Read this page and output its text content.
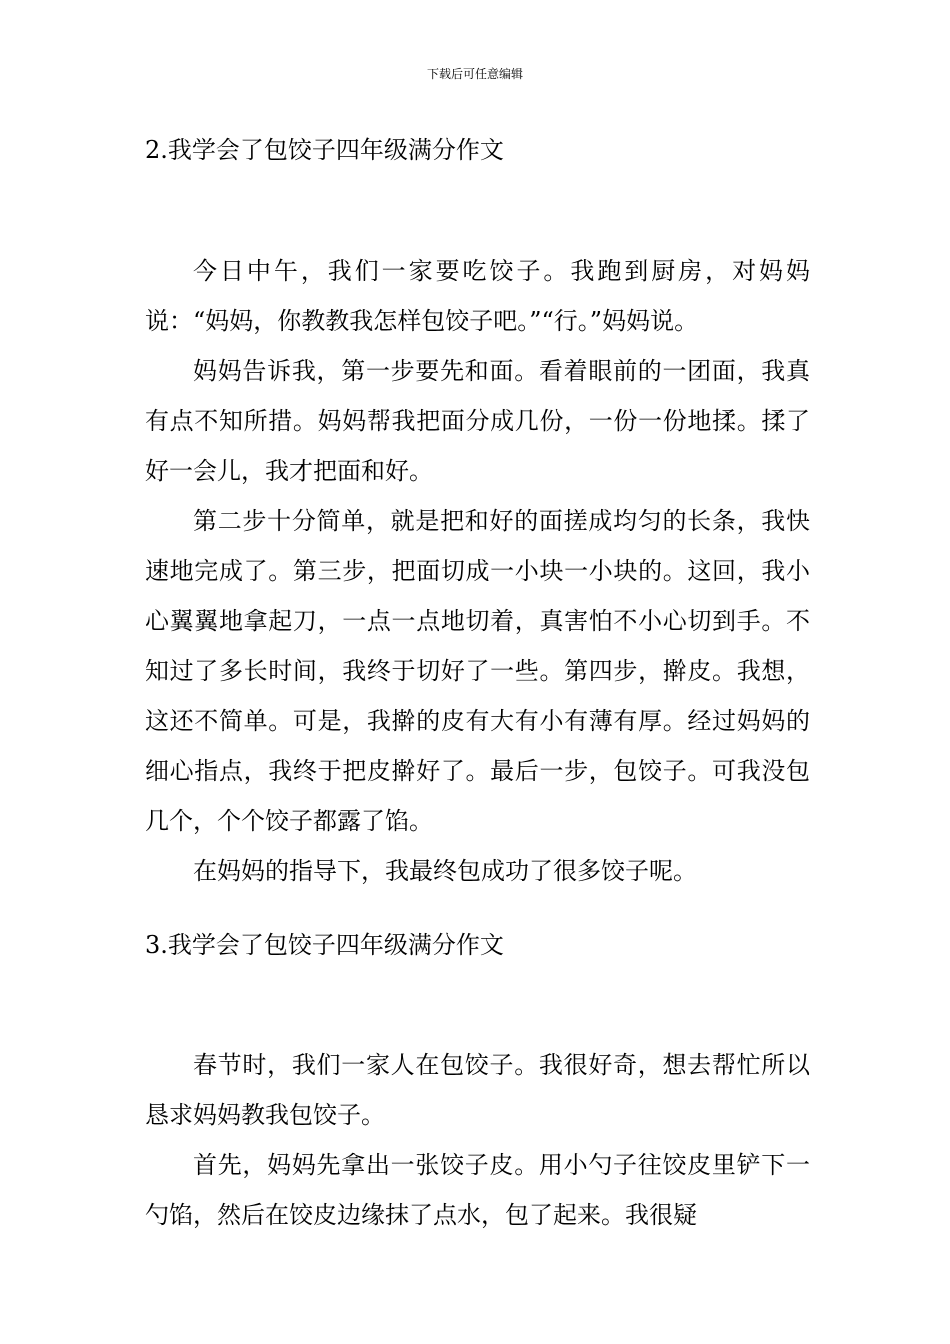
下载后可任意编辑
2.我学会了包饺子四年级满分作文

今日中午，我们一家要吃饺子。我跑到厨房，对妈妈说：“妈妈，你教教我怎样包饺子吧。”“行。”妈妈说。

妈妈告诉我，第一步要先和面。看着眼前的一团面，我真有点不知所措。妈妈帮我把面分成几份，一份一份地揉。揉了好一会儿，我才把面和好。

第二步十分简单，就是把和好的面搓成均匀的长条，我快速地完成了。第三步，把面切成一小块一小块的。这回，我小心翼翼地拿起刀，一点一点地切着，真害怕不小心切到手。不知过了多长时间，我终于切好了一些。第四步，擀皮。我想，这还不简单。可是，我擀的皮有大有小有薄有厚。经过妈妈的细心指点，我终于把皮擀好了。最后一步，包饺子。可我没包几个，个个饺子都露了馅。

在妈妈的指导下，我最终包成功了很多饺子呢。

3.我学会了包饺子四年级满分作文

春节时，我们一家人在包饺子。我很好奇，想去帮忙所以恳求妈妈教我包饺子。

首先，妈妈先拿出一张饺子皮。用小勺子往饺皮里铲下一勺馅，然后在饺皮边缘抹了点水，包了起来。我很疑
